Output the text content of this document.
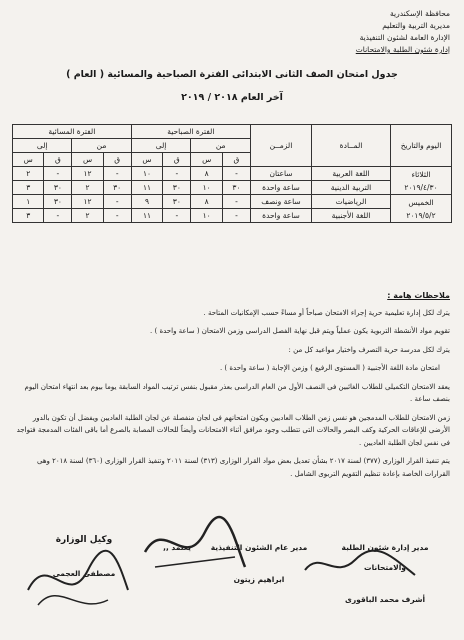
محافظة الإسكندرية
مديرية التربية والتعليم
الإدارة العامة لشئون التنفيذية
إدارة شئون الطلبة والامتحانات
جدول امتحان الصف الثانى الابتدائى الفترة الصباحية والمسائية ( العام )
آخر العام ٢٠١٨ / ٢٠١٩
اليوم والتاريخ	المــادة	الزمــن	الفترة الصباحية				الفترة المسائية			
			من		إلى		من		إلى	
			ق	س	ق	س	ق	س	ق	س

الثلاثاء
٢٠١٩/٤/٣٠	اللغة العربية	ساعتان	-	٨	-	١٠	-	١٢	-	٢
	التربية الدينية	ساعة واحدة	٣٠	١٠	٣٠	١١	٣٠	٢	٣٠	٣

الخميس
٢٠١٩/٥/٢	الرياضيات	ساعة ونصف	-	٨	٣٠	٩	-	١٢	٣٠	١
	اللغة الأجنبية	ساعة واحدة	-	١٠	-	١١	-	٢	-	٣
ملاحظات هامة :

يترك لكل إدارة تعليمية حرية إجراء الامتحان صباحاً أو مساءً حسب الإمكانيات المتاحة .

تقويم مواد الأنشطة التربوية يكون عملياً ويتم قبل نهاية الفصل الدراسى وزمن الامتحان ( ساعة واحدة ) .

يترك لكل مدرسة حرية التصرف واختيار مواعيد كل من :

امتحان مادة اللغة الأجنبية ( المستوى الرفيع ) وزمن الإجابة ( ساعة واحدة ) .

يعقد الامتحان التكميلى للطلاب الغائبين فى النصف الأول من العام الدراسى بعذر مقبول بنفس ترتيب المواد السابقة يوما بيوم بعد انتهاء امتحان اليوم بنصف ساعة .

زمن الامتحان للطلاب المدمجين هو نفس زمن الطلاب العاديين ويكون امتحانهم فى لجان منفصلة عن لجان الطلبة العاديين ويفضل أن تكون بالدور الأرضى للإعاقات الحركية وكف البصر والحالات التى تتطلب وجود مرافق أثناء الامتحانات وأيضاً للحالات المصابة بالصرع أما باقى الفئات المدمجة فتواجد فى نفس لجان الطلبة العاديين .

يتم تنفيذ القرار الوزارى (٣٧٧) لسنة ٢٠١٧ بشأن تعديل بعض مواد القرار الوزارى (٣١٣) لسنة ٢٠١١ وتنفيذ القرار الوزارى (٣٦٠) لسنة ٢٠١٨ وهى القرارات الخاصة بإعادة تنظيم التقويم التربوى الشامل .

مدير إدارة شئون الطلبة والامتحانات
أشرف محمد الباقورى
مدير عام الشئون التنفيذية
ابراهيم زيتون
يعتمد ,,
وكيل الوزارة
مصطفى العجمى
